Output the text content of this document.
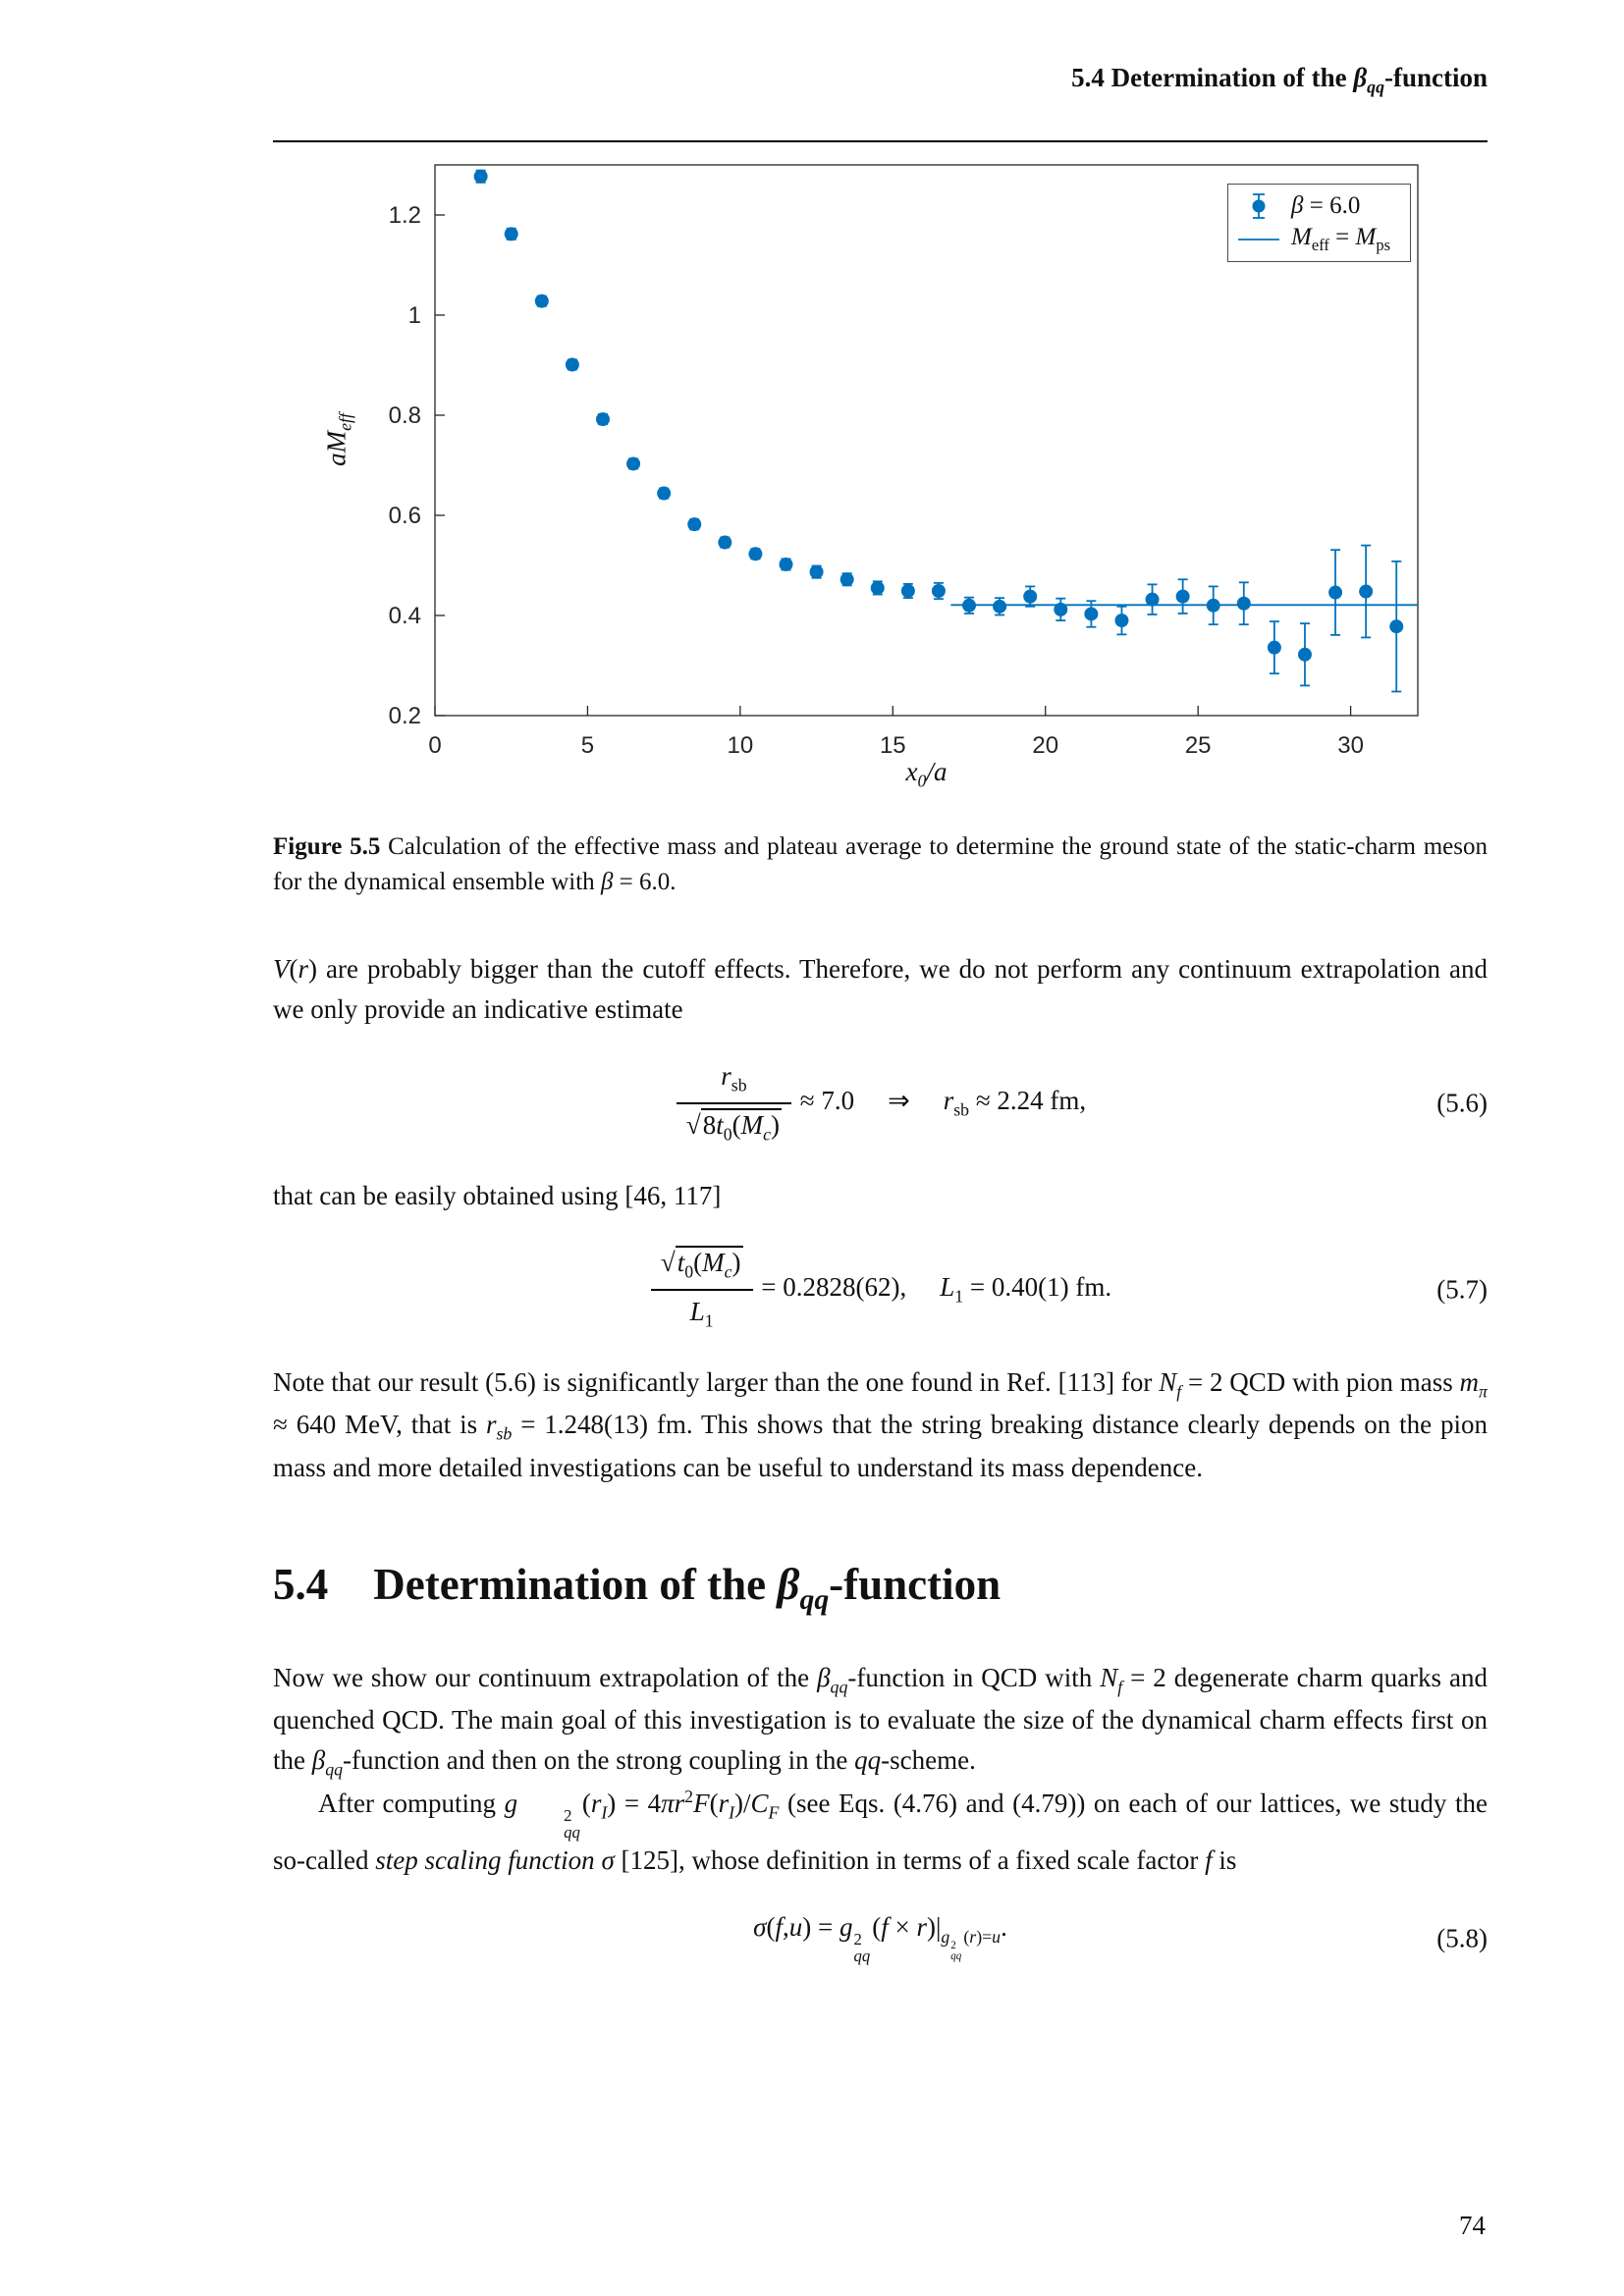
5.4 Determination of the $\beta_{qq}$-function
0	5	10	15	20	25	30
0.2
0.4
0.6
0.8
1
1.2
$aM_{eff}$
$x_0/a$
β = 6.0
$M_{eff} = M_{ps}$
Figure 5.5 Calculation of the effective mass and plateau average to determine the ground state of the static-charm meson for the dynamical ensemble with β = 6.0.

V(r) are probably bigger than the cutoff effects. Therefore, we do not perform any continuum extrapolation and we only provide an indicative estimate

$\frac{r_{sb}}{√8t_0(M_c)} \approx 7.0$ ⇒ $r_{sb} \approx 2.24$ fm,	(5.6)

that can be easily obtained using [46, 117]

$\frac{√t_0(M_c)}{L_1} = 0.2828(62)$, $L_1 = 0.40(1)$ fm.	(5.7)

Note that our result (5.6) is significantly larger than the one found in Ref. [113] for $N_f = 2$ QCD with pion mass $m_\pi \approx 640$ MeV, that is $r_{sb} = 1.248(13)$ fm. This shows that the string breaking distance clearly depends on the pion mass and more detailed investigations can be useful to understand its mass dependence.

5.4 Determination of the $\beta_{qq}$-function

Now we show our continuum extrapolation of the $\beta_{qq}$-function in QCD with $N_f = 2$ degenerate charm quarks and quenched QCD. The main goal of this investigation is to evaluate the size of the dynamical charm effects first on the $\beta_{qq}$-function and then on the strong coupling in the qq-scheme.

After computing g	2
qq
$(r_I) = 4\pi r^2F(r_I)/C_F$ (see Eqs. (4.76) and (4.79)) on each of our lattices, we study the so-called step scaling function σ [125], whose definition in terms of a fixed scale factor f is

σ(f,u) = g 2
qq
$(f \times r)|_{g 2 qq (r)=u}$.	(5.8)
74
